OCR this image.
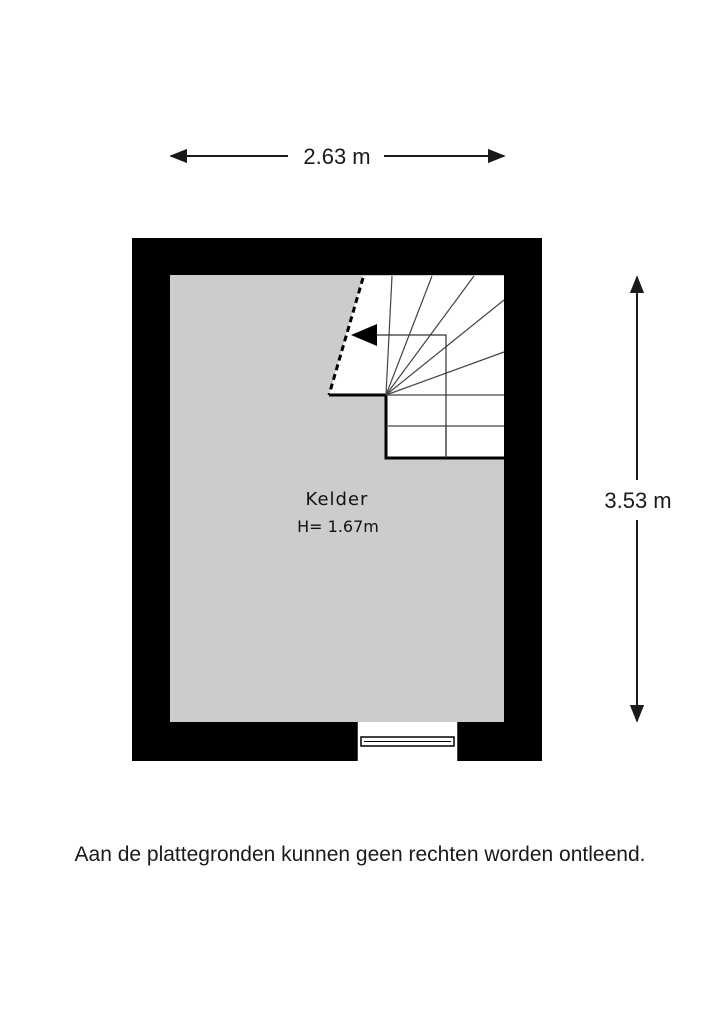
2.63 m
3.53 m
Kelder
H= 1.67m
Aan de plattegronden kunnen geen rechten worden ontleend.
